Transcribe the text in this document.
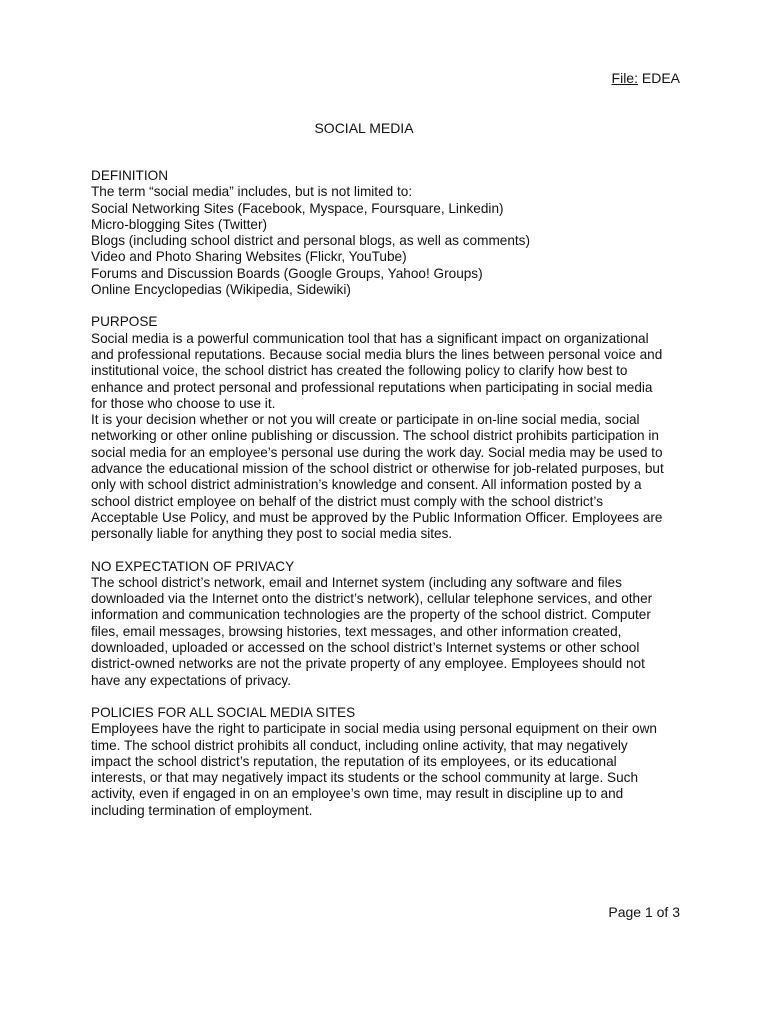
File: EDEA
SOCIAL MEDIA

DEFINITION

The term “social media” includes, but is not limited to:

Social Networking Sites (Facebook, Myspace, Foursquare, Linkedin)

Micro-blogging Sites (Twitter)

Blogs (including school district and personal blogs, as well as comments)

Video and Photo Sharing Websites (Flickr, YouTube)

Forums and Discussion Boards (Google Groups, Yahoo! Groups)

Online Encyclopedias (Wikipedia, Sidewiki)

PURPOSE

Social media is a powerful communication tool that has a significant impact on organizational

and professional reputations. Because social media blurs the lines between personal voice and

institutional voice, the school district has created the following policy to clarify how best to

enhance and protect personal and professional reputations when participating in social media

for those who choose to use it.

It is your decision whether or not you will create or participate in on-line social media, social

networking or other online publishing or discussion. The school district prohibits participation in

social media for an employee’s personal use during the work day. Social media may be used to

advance the educational mission of the school district or otherwise for job-related purposes, but

only with school district administration’s knowledge and consent. All information posted by a

school district employee on behalf of the district must comply with the school district’s

Acceptable Use Policy, and must be approved by the Public Information Officer. Employees are

personally liable for anything they post to social media sites.

NO EXPECTATION OF PRIVACY

The school district’s network, email and Internet system (including any software and files

downloaded via the Internet onto the district’s network), cellular telephone services, and other

information and communication technologies are the property of the school district. Computer

files, email messages, browsing histories, text messages, and other information created,

downloaded, uploaded or accessed on the school district’s Internet systems or other school

district-owned networks are not the private property of any employee. Employees should not

have any expectations of privacy.

POLICIES FOR ALL SOCIAL MEDIA SITES

Employees have the right to participate in social media using personal equipment on their own

time. The school district prohibits all conduct, including online activity, that may negatively

impact the school district’s reputation, the reputation of its employees, or its educational

interests, or that may negatively impact its students or the school community at large. Such

activity, even if engaged in on an employee’s own time, may result in discipline up to and

including termination of employment.

Page 1 of 3
